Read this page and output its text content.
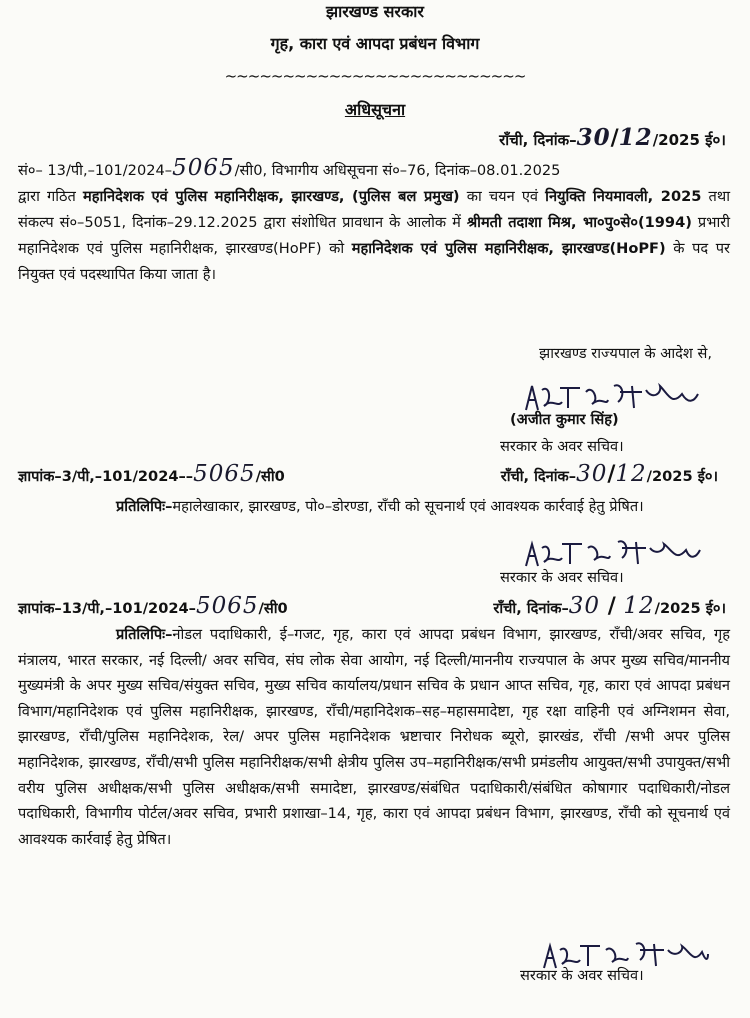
झारखण्ड सरकार
गृह, कारा एवं आपदा प्रबंधन विभाग
~~~~~~~~~~~~~~~~~~~~~~~~~~
अधिसूचना
राँची, दिनांक–30/12/2025 ई०।
सं०– 13/पी,–101/2024–5065/सी0, विभागीय अधिसूचना सं०–76, दिनांक–08.01.2025
द्वारा गठित महानिदेशक एवं पुलिस महानिरीक्षक, झारखण्ड, (पुलिस बल प्रमुख) का चयन एवं नियुक्ति नियमावली, 2025 तथा संकल्प सं०–5051, दिनांक–29.12.2025 द्वारा संशोधित प्रावधान के आलोक में श्रीमती तदाशा मिश्र, भा०पु०से०(1994) प्रभारी महानिदेशक एवं पुलिस महानिरीक्षक, झारखण्ड(HoPF) को महानिदेशक एवं पुलिस महानिरीक्षक, झारखण्ड(HoPF) के पद पर नियुक्त एवं पदस्थापित किया जाता है।
झारखण्ड राज्यपाल के आदेश से,
(अजीत कुमार सिंह)
सरकार के अवर सचिव।
ज्ञापांक–3/पी,–101/2024––5065/सी0	राँची, दिनांक–30/12/2025 ई०।
प्रतिलिपिः–महालेखाकार, झारखण्ड, पो०–डोरण्डा, राँची को सूचनार्थ एवं आवश्यक कार्रवाई हेतु प्रेषित।
सरकार के अवर सचिव।
ज्ञापांक–13/पी,–101/2024–5065/सी0	राँची, दिनांक–30 / 12/2025 ई०।
प्रतिलिपिः–नोडल पदाधिकारी, ई–गजट, गृह, कारा एवं आपदा प्रबंधन विभाग, झारखण्ड, राँची/अवर सचिव, गृह मंत्रालय, भारत सरकार, नई दिल्ली/ अवर सचिव, संघ लोक सेवा आयोग, नई दिल्ली/माननीय राज्यपाल के अपर मुख्य सचिव/माननीय मुख्यमंत्री के अपर मुख्य सचिव/संयुक्त सचिव, मुख्य सचिव कार्यालय/प्रधान सचिव के प्रधान आप्त सचिव, गृह, कारा एवं आपदा प्रबंधन विभाग/महानिदेशक एवं पुलिस महानिरीक्षक, झारखण्ड, राँची/महानिदेशक–सह–महासमादेष्टा, गृह रक्षा वाहिनी एवं अग्निशमन सेवा, झारखण्ड, राँची/पुलिस महानिदेशक, रेल/ अपर पुलिस महानिदेशक भ्रष्टाचार निरोधक ब्यूरो, झारखंड, राँची /सभी अपर पुलिस महानिदेशक, झारखण्ड, राँची/सभी पुलिस महानिरीक्षक/सभी क्षेत्रीय पुलिस उप–महानिरीक्षक/सभी प्रमंडलीय आयुक्त/सभी उपायुक्त/सभी वरीय पुलिस अधीक्षक/सभी पुलिस अधीक्षक/सभी समादेष्टा, झारखण्ड/संबंधित पदाधिकारी/संबंधित कोषागार पदाधिकारी/नोडल पदाधिकारी, विभागीय पोर्टल/अवर सचिव, प्रभारी प्रशाखा–14, गृह, कारा एवं आपदा प्रबंधन विभाग, झारखण्ड, राँची को सूचनार्थ एवं आवश्यक कार्रवाई हेतु प्रेषित।
सरकार के अवर सचिव।
